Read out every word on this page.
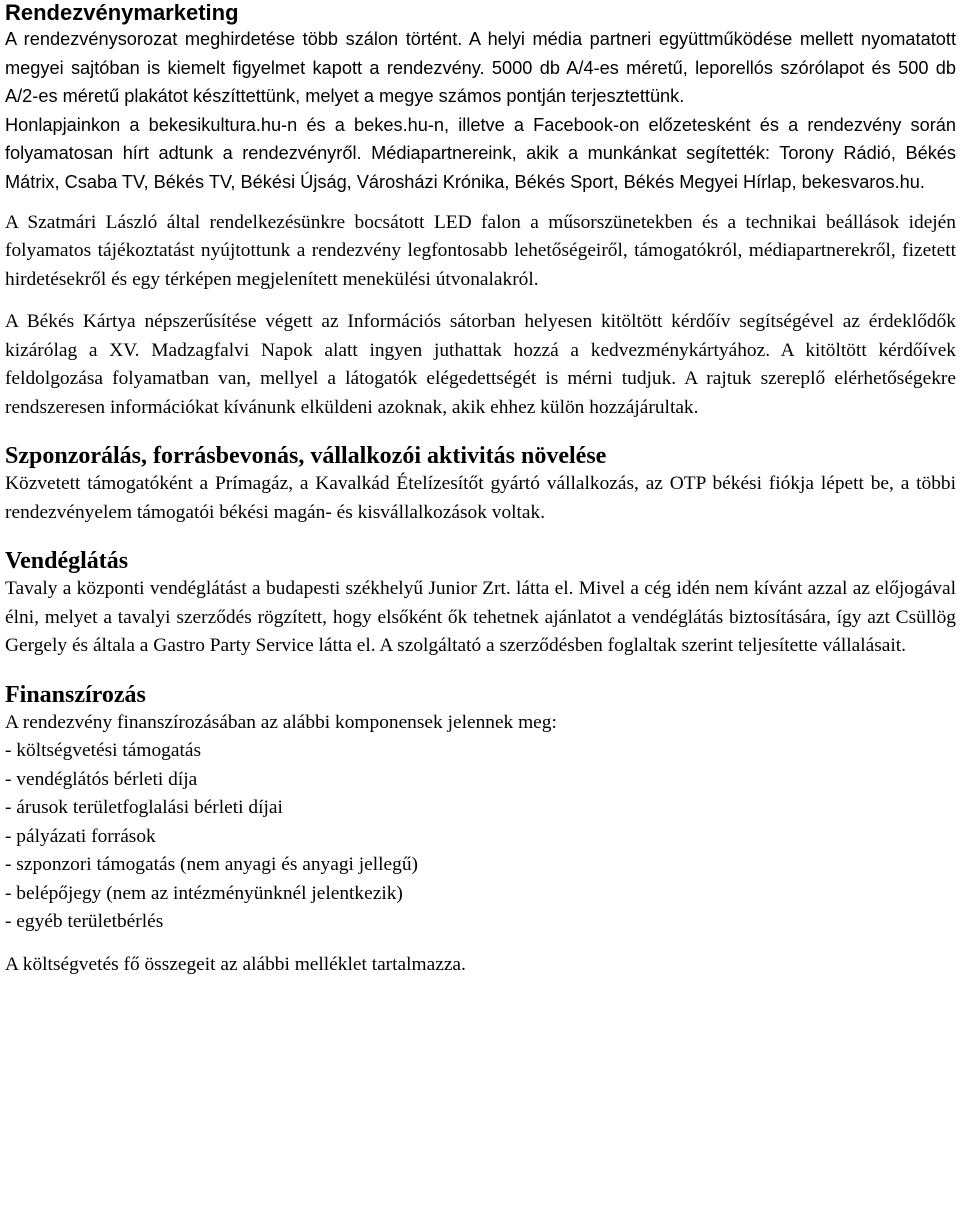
Rendezvénymarketing

A rendezvénysorozat meghirdetése több szálon történt. A helyi média partneri együttműködése mellett nyomatatott megyei sajtóban is kiemelt figyelmet kapott a rendezvény. 5000 db A/4-es méretű, leporellós szórólapot és 500 db A/2-es méretű plakátot készíttettünk, melyet a megye számos pontján terjesztettünk.

Honlapjainkon a bekesikultura.hu-n és a bekes.hu-n, illetve a Facebook-on előzetesként és a rendezvény során folyamatosan hírt adtunk a rendezvényről. Médiapartnereink, akik a munkánkat segítették: Torony Rádió, Békés Mátrix, Csaba TV, Békés TV, Békési Újság, Városházi Krónika, Békés Sport, Békés Megyei Hírlap, bekesvaros.hu.

A Szatmári László által rendelkezésünkre bocsátott LED falon a műsorszünetekben és a technikai beállások idején folyamatos tájékoztatást nyújtottunk a rendezvény legfontosabb lehetőségeiről, támogatókról, médiapartnerekről, fizetett hirdetésekről és egy térképen megjelenített menekülési útvonalakról.

A Békés Kártya népszerűsítése végett az Információs sátorban helyesen kitöltött kérdőív segítségével az érdeklődők kizárólag a XV. Madzagfalvi Napok alatt ingyen juthattak hozzá a kedvezménykártyához. A kitöltött kérdőívek feldolgozása folyamatban van, mellyel a látogatók elégedettségét is mérni tudjuk. A rajtuk szereplő elérhetőségekre rendszeresen információkat kívánunk elküldeni azoknak, akik ehhez külön hozzájárultak.

Szponzorálás, forrásbevonás, vállalkozói aktivitás növelése

Közvetett támogatóként a Prímagáz, a Kavalkád Ételízesítőt gyártó vállalkozás, az OTP békési fiókja lépett be, a többi rendezvényelem támogatói békési magán- és kisvállalkozások voltak.

Vendéglátás

Tavaly a központi vendéglátást a budapesti székhelyű Junior Zrt. látta el. Mivel a cég idén nem kívánt azzal az előjogával élni, melyet a tavalyi szerződés rögzített, hogy elsőként ők tehetnek ajánlatot a vendéglátás biztosítására, így azt Csüllög Gergely és általa a Gastro Party Service látta el. A szolgáltató a szerződésben foglaltak szerint teljesítette vállalásait.

Finanszírozás

A rendezvény finanszírozásában az alábbi komponensek jelennek meg:

- költségvetési támogatás
- vendéglátós bérleti díja
- árusok területfoglalási bérleti díjai
- pályázati források
- szponzori támogatás (nem anyagi és anyagi jellegű)
- belépőjegy (nem az intézményünknél jelentkezik)
- egyéb területbérlés

A költségvetés fő összegeit az alábbi melléklet tartalmazza.
